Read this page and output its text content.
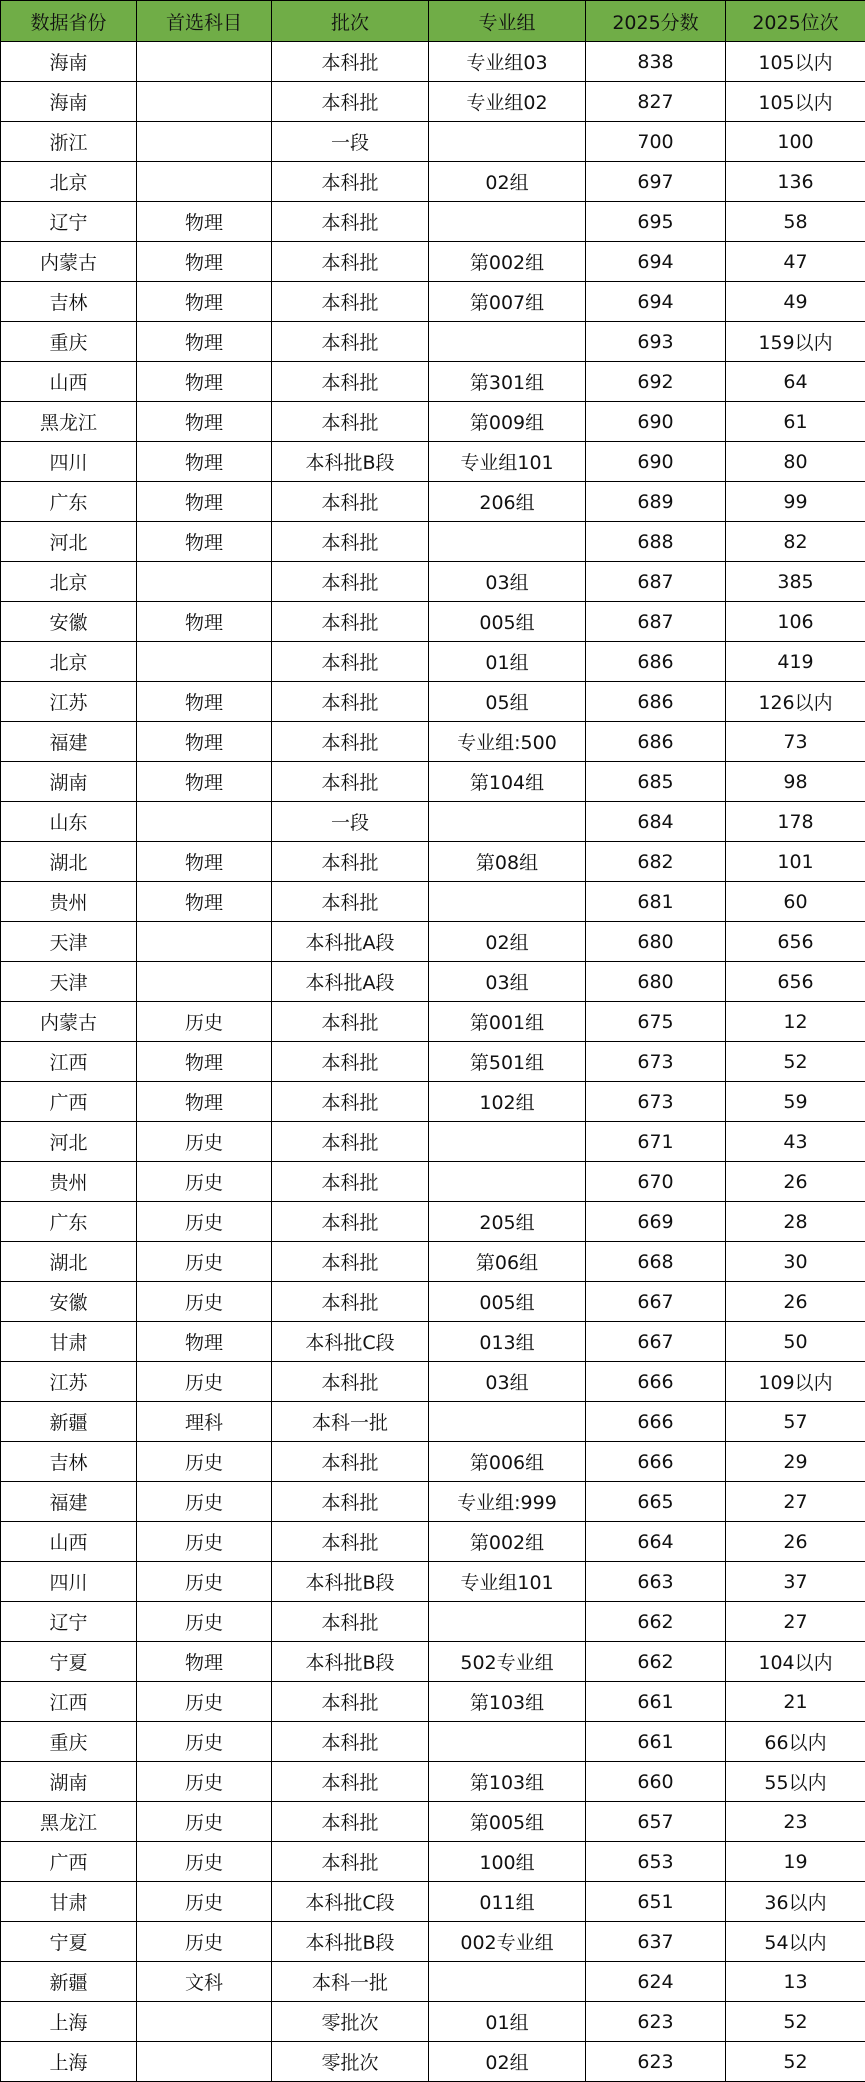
数据省份	首选科目	批次	专业组	2025分数	2025位次
海南		本科批	专业组03	838	105以内
海南		本科批	专业组02	827	105以内
浙江		一段		700	100
北京		本科批	02组	697	136
辽宁	物理	本科批		695	58
内蒙古	物理	本科批	第002组	694	47
吉林	物理	本科批	第007组	694	49
重庆	物理	本科批		693	159以内
山西	物理	本科批	第301组	692	64
黑龙江	物理	本科批	第009组	690	61
四川	物理	本科批B段	专业组101	690	80
广东	物理	本科批	206组	689	99
河北	物理	本科批		688	82
北京		本科批	03组	687	385
安徽	物理	本科批	005组	687	106
北京		本科批	01组	686	419
江苏	物理	本科批	05组	686	126以内
福建	物理	本科批	专业组:500	686	73
湖南	物理	本科批	第104组	685	98
山东		一段		684	178
湖北	物理	本科批	第08组	682	101
贵州	物理	本科批		681	60
天津		本科批A段	02组	680	656
天津		本科批A段	03组	680	656
内蒙古	历史	本科批	第001组	675	12
江西	物理	本科批	第501组	673	52
广西	物理	本科批	102组	673	59
河北	历史	本科批		671	43
贵州	历史	本科批		670	26
广东	历史	本科批	205组	669	28
湖北	历史	本科批	第06组	668	30
安徽	历史	本科批	005组	667	26
甘肃	物理	本科批C段	013组	667	50
江苏	历史	本科批	03组	666	109以内
新疆	理科	本科一批		666	57
吉林	历史	本科批	第006组	666	29
福建	历史	本科批	专业组:999	665	27
山西	历史	本科批	第002组	664	26
四川	历史	本科批B段	专业组101	663	37
辽宁	历史	本科批		662	27
宁夏	物理	本科批B段	502专业组	662	104以内
江西	历史	本科批	第103组	661	21
重庆	历史	本科批		661	66以内
湖南	历史	本科批	第103组	660	55以内
黑龙江	历史	本科批	第005组	657	23
广西	历史	本科批	100组	653	19
甘肃	历史	本科批C段	011组	651	36以内
宁夏	历史	本科批B段	002专业组	637	54以内
新疆	文科	本科一批		624	13
上海		零批次	01组	623	52
上海		零批次	02组	623	52
